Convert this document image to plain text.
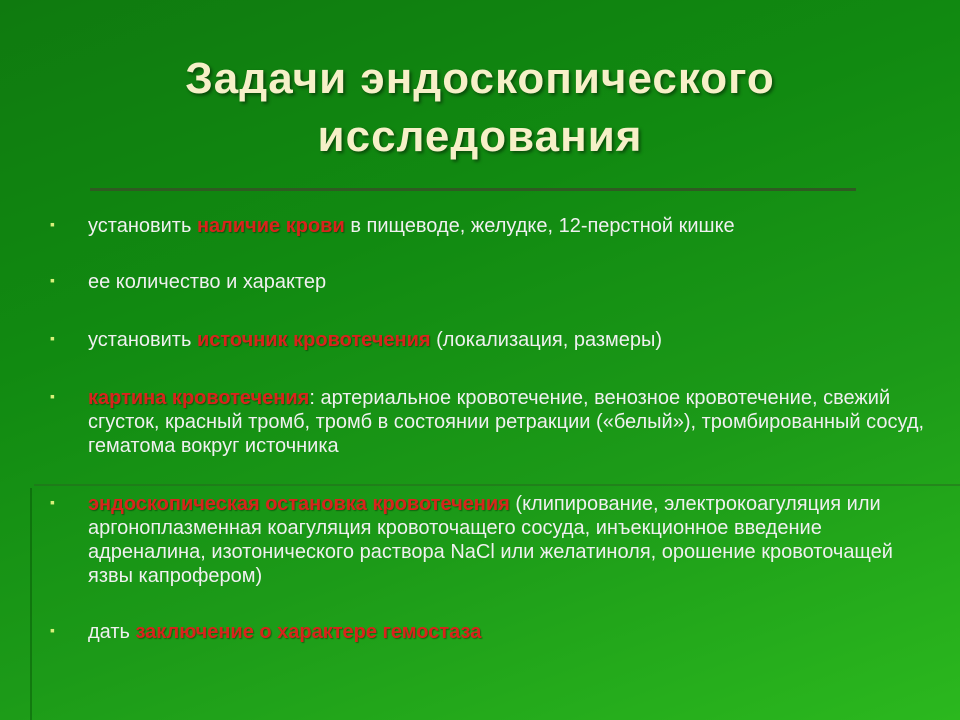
Задачи эндоскопического
исследования
▪ установить наличие крови в пищеводе, желудке, 12-перстной кишке
▪ ее количество и характер
▪ установить источник кровотечения (локализация, размеры)
▪ картина кровотечения: артериальное кровотечение, венозное кровотечение, свежий сгусток, красный тромб, тромб в состоянии ретракции («белый»), тромбированный сосуд, гематома вокруг источника
▪ эндоскопическая остановка кровотечения (клипирование, электрокоагуляция или аргоноплазменная коагуляция кровоточащего сосуда, инъекционное введение адреналина, изотонического раствора NaCl или желатиноля, орошение кровоточащей язвы капрофером)
▪ дать заключение о характере гемостаза
